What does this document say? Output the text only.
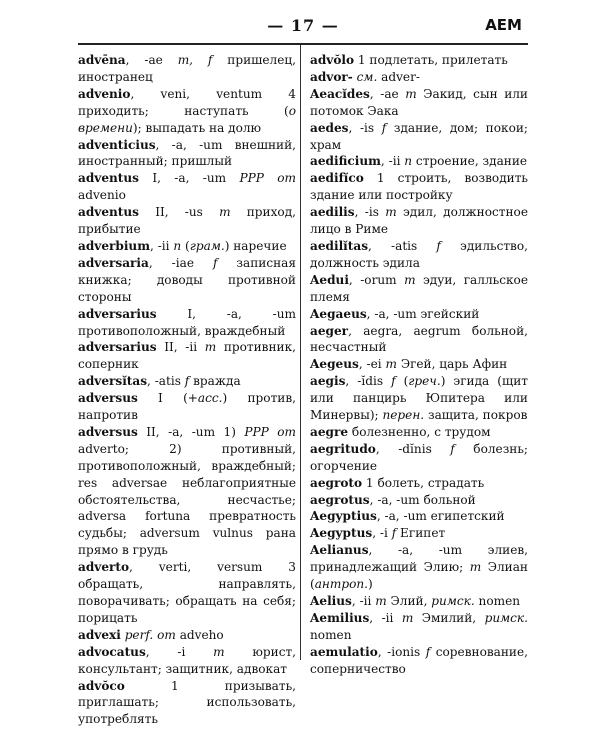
— 17 —	AEM

advēna, -ae m, f пришелец, иностранец

advenio, veni, ventum 4 приходить; наступать (о времени); выпадать на долю

adventicius, -a, -um внешний, иностранный; пришлый

adventus I, -a, -um PPP от advenio

adventus II, -us m приход, прибытие

adverbium, -ii n (грам.) наречие

adversaria, -iae f записная книжка; доводы противной стороны

adversarius I, -a, -um противоположный, враждебный

adversarius II, -ii m противник, соперник

adversĭtas, -atis f вражда

adversus I (+acc.) против, напротив

adversus II, -a, -um 1) PPP от adverto; 2) противный, противоположный, враждебный; res adversae неблагоприятные обстоятельства, несчастье; adversa fortuna превратность судьбы; adversum vulnus рана прямо в грудь

adverto, verti, versum 3 обращать, направлять, поворачивать; обращать на себя; порицать

advexi perf. от adveho

advocatus, -i m юрист, консультант; защитник, адвокат

advŏco 1 призывать, приглашать; использовать, употреблять

advŏlo 1 подлетать, прилетать

advor- см. adver-

Aeacĭdes, -ae m Эакид, сын или потомок Эака

aedes, -is f здание, дом; покои; храм

aedificium, -ii n строение, здание

aedifĭco 1 строить, возводить здание или постройку

aedilis, -is m эдил, должностное лицо в Риме

aedilĭtas, -atis f эдильство, должность эдила

Aedui, -orum m эдуи, галльское племя

Aegaeus, -a, -um эгейский

aeger, aegra, aegrum больной, несчастный

Aegeus, -ei m Эгей, царь Афин

aegis, -ĭdis f (греч.) эгида (щит или панцирь Юпитера или Минервы); перен. защита, покров

aegre болезненно, с трудом

aegritudo, -dĭnis f болезнь; огорчение

aegroto 1 болеть, страдать

aegrotus, -a, -um больной

Aegyptius, -a, -um египетский

Aegyptus, -i f Египет

Aelianus, -a, -um элиев, принадлежащий Элию; m Элиан (антроп.)

Aelius, -ii m Элий, римск. nomen

Aemilius, -ii m Эмилий, римск. nomen

aemulatio, -ionis f соревнование, соперничество
